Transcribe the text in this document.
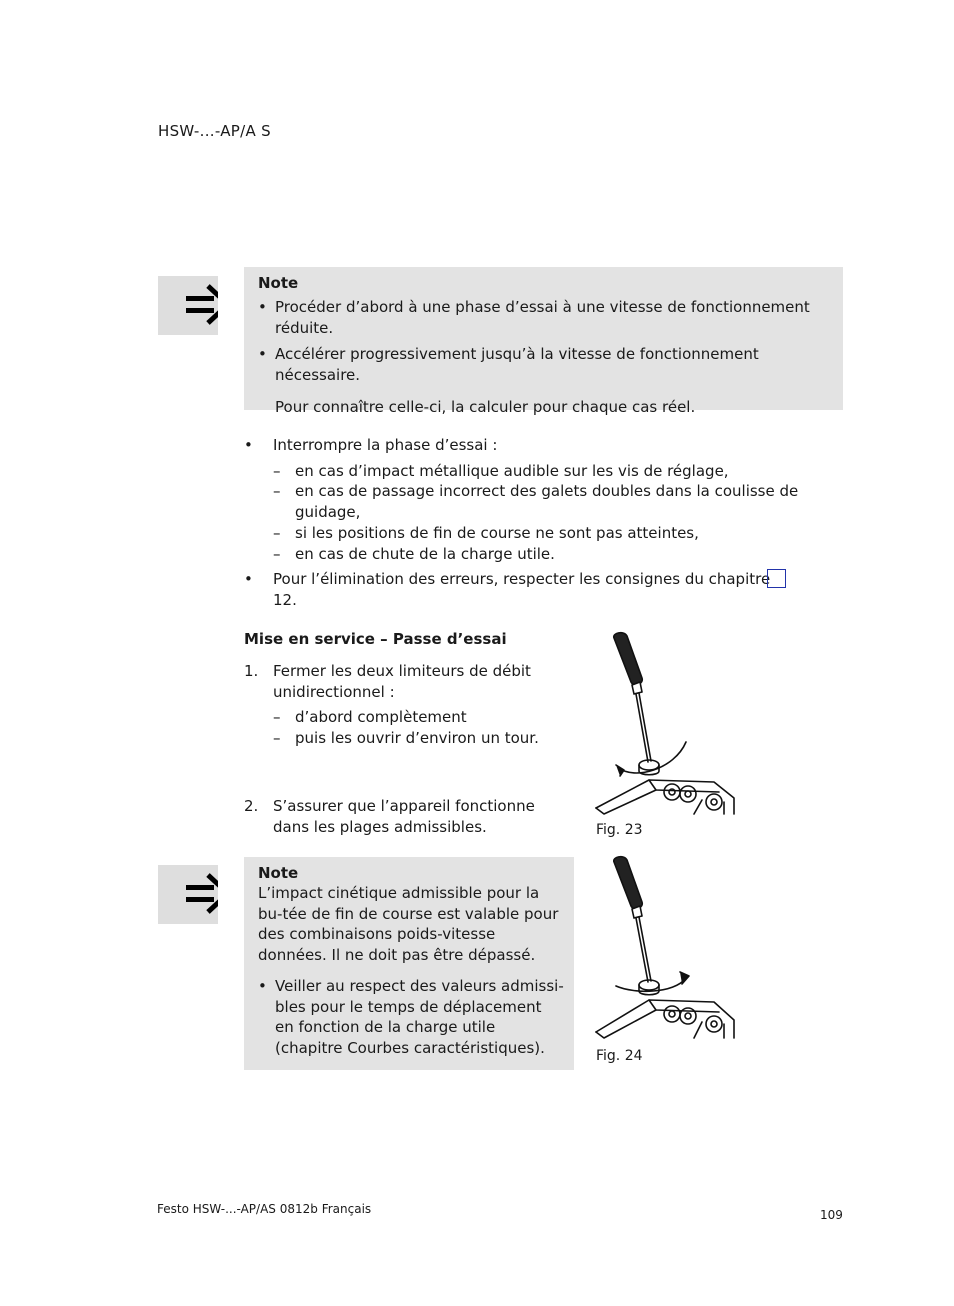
HSW-...-AP/A S
Note
• Procéder d’abord à une phase d’essai à une vitesse de fonctionnement réduite.
• Accélérer progressivement jusqu’à la vitesse de fonctionnement nécessaire.
Pour connaître celle-ci, la calculer pour chaque cas réel.
• Interrompre la phase d’essai :
– en cas d’impact métallique audible sur les vis de réglage,
– en cas de passage incorrect des galets doubles dans la coulisse de guidage,
– si les positions de fin de course ne sont pas atteintes,
– en cas de chute de la charge utile.
• Pour l’élimination des erreurs, respecter les consignes du chapitre 12.
Mise en service – Passe d’essai
1. Fermer les deux limiteurs de débit unidirectionnel :
– d’abord complètement
– puis les ouvrir d’environ un tour.
2. S’assurer que l’appareil fonctionne dans les plages admissibles.	Fig. 23
Note
L’impact cinétique admissible pour la bu-tée de fin de course est valable pour des combinaisons poids-vitesse données. Il ne doit pas être dépassé.
• Veiller au respect des valeurs admissi-bles pour le temps de déplacement en fonction de la charge utile (chapitre Courbes caractéristiques).	Fig. 24
Festo HSW-...-AP/AS 0812b Français	109
